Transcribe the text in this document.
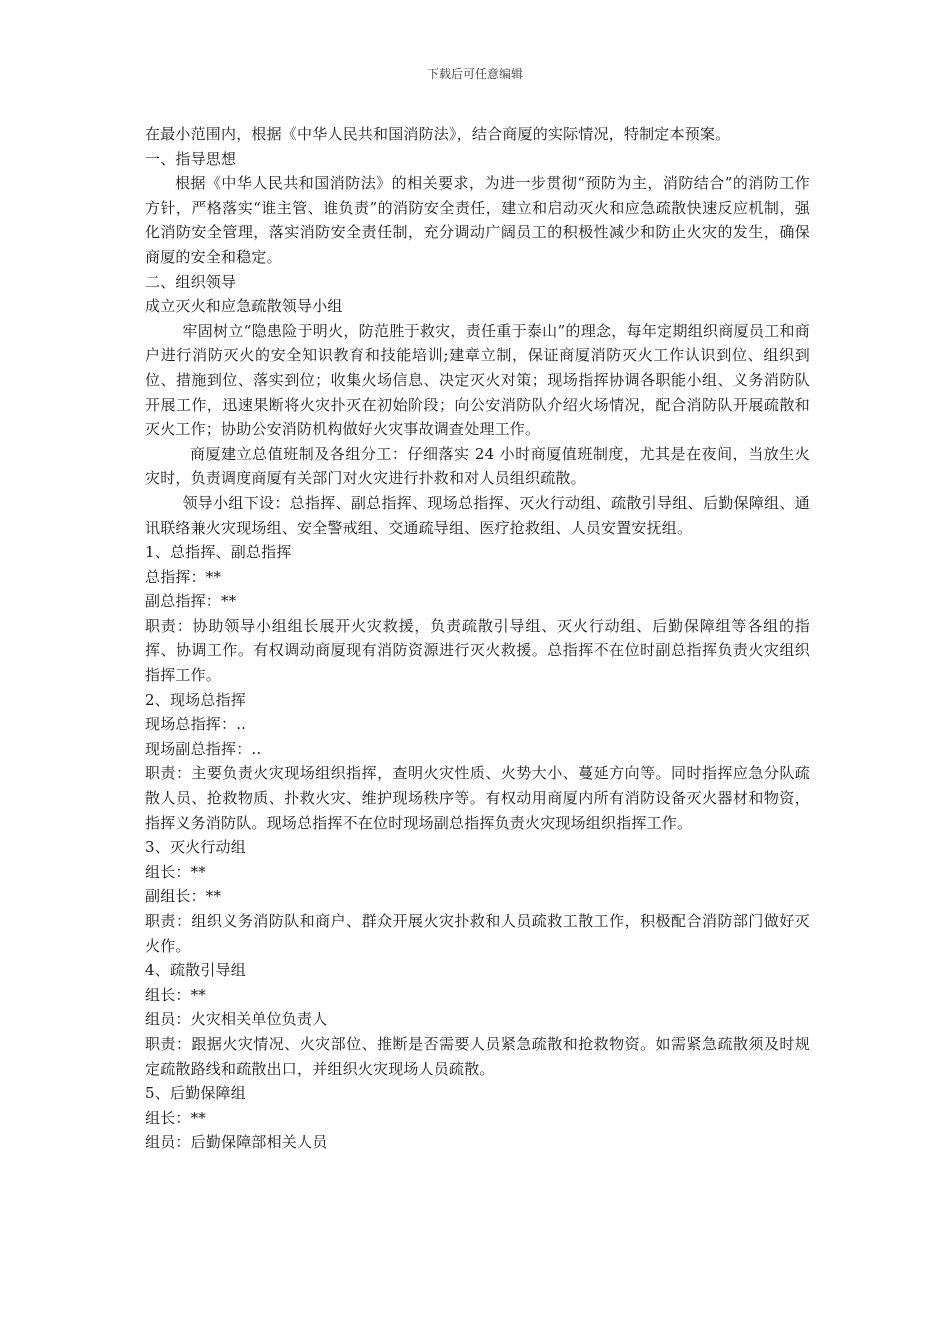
下载后可任意编辑

在最小范围内，根据《中华人民共和国消防法》，结合商厦的实际情况，特制定本预案。

一、指导思想

根据《中华人民共和国消防法》的相关要求，为进一步贯彻“预防为主，消防结合”的消防工作方针，严格落实“谁主管、谁负责”的消防安全责任，建立和启动灭火和应急疏散快速反应机制，强化消防安全管理，落实消防安全责任制，充分调动广阔员工的积极性减少和防止火灾的发生，确保商厦的安全和稳定。

二、组织领导

成立灭火和应急疏散领导小组

牢固树立“隐患险于明火，防范胜于救灾，责任重于泰山”的理念，每年定期组织商厦员工和商户进行消防灭火的安全知识教育和技能培训;建章立制，保证商厦消防灭火工作认识到位、组织到位、措施到位、落实到位；收集火场信息、决定灭火对策；现场指挥协调各职能小组、义务消防队开展工作，迅速果断将火灾扑灭在初始阶段；向公安消防队介绍火场情况，配合消防队开展疏散和灭火工作；协助公安消防机构做好火灾事故调查处理工作。

商厦建立总值班制及各组分工：仔细落实 24 小时商厦值班制度，尤其是在夜间，当放生火灾时，负责调度商厦有关部门对火灾进行扑救和对人员组织疏散。

领导小组下设：总指挥、副总指挥、现场总指挥、灭火行动组、疏散引导组、后勤保障组、通讯联络兼火灾现场组、安全警戒组、交通疏导组、医疗抢救组、人员安置安抚组。

1、总指挥、副总指挥

总指挥：**

副总指挥：**

职责：协助领导小组组长展开火灾救援，负责疏散引导组、灭火行动组、后勤保障组等各组的指挥、协调工作。有权调动商厦现有消防资源进行灭火救援。总指挥不在位时副总指挥负责火灾组织指挥工作。

2、现场总指挥

现场总指挥：..

现场副总指挥：..

职责：主要负责火灾现场组织指挥，查明火灾性质、火势大小、蔓延方向等。同时指挥应急分队疏散人员、抢救物质、扑救火灾、维护现场秩序等。有权动用商厦内所有消防设备灭火器材和物资，指挥义务消防队。现场总指挥不在位时现场副总指挥负责火灾现场组织指挥工作。

3、灭火行动组

组长：**

副组长：**

职责：组织义务消防队和商户、群众开展火灾扑救和人员疏救工散工作，积极配合消防部门做好灭火作。

4、疏散引导组

组长：**

组员：火灾相关单位负责人

职责：跟据火灾情况、火灾部位、推断是否需要人员紧急疏散和抢救物资。如需紧急疏散须及时规定疏散路线和疏散出口，并组织火灾现场人员疏散。

5、后勤保障组

组长：**

组员：后勤保障部相关人员
